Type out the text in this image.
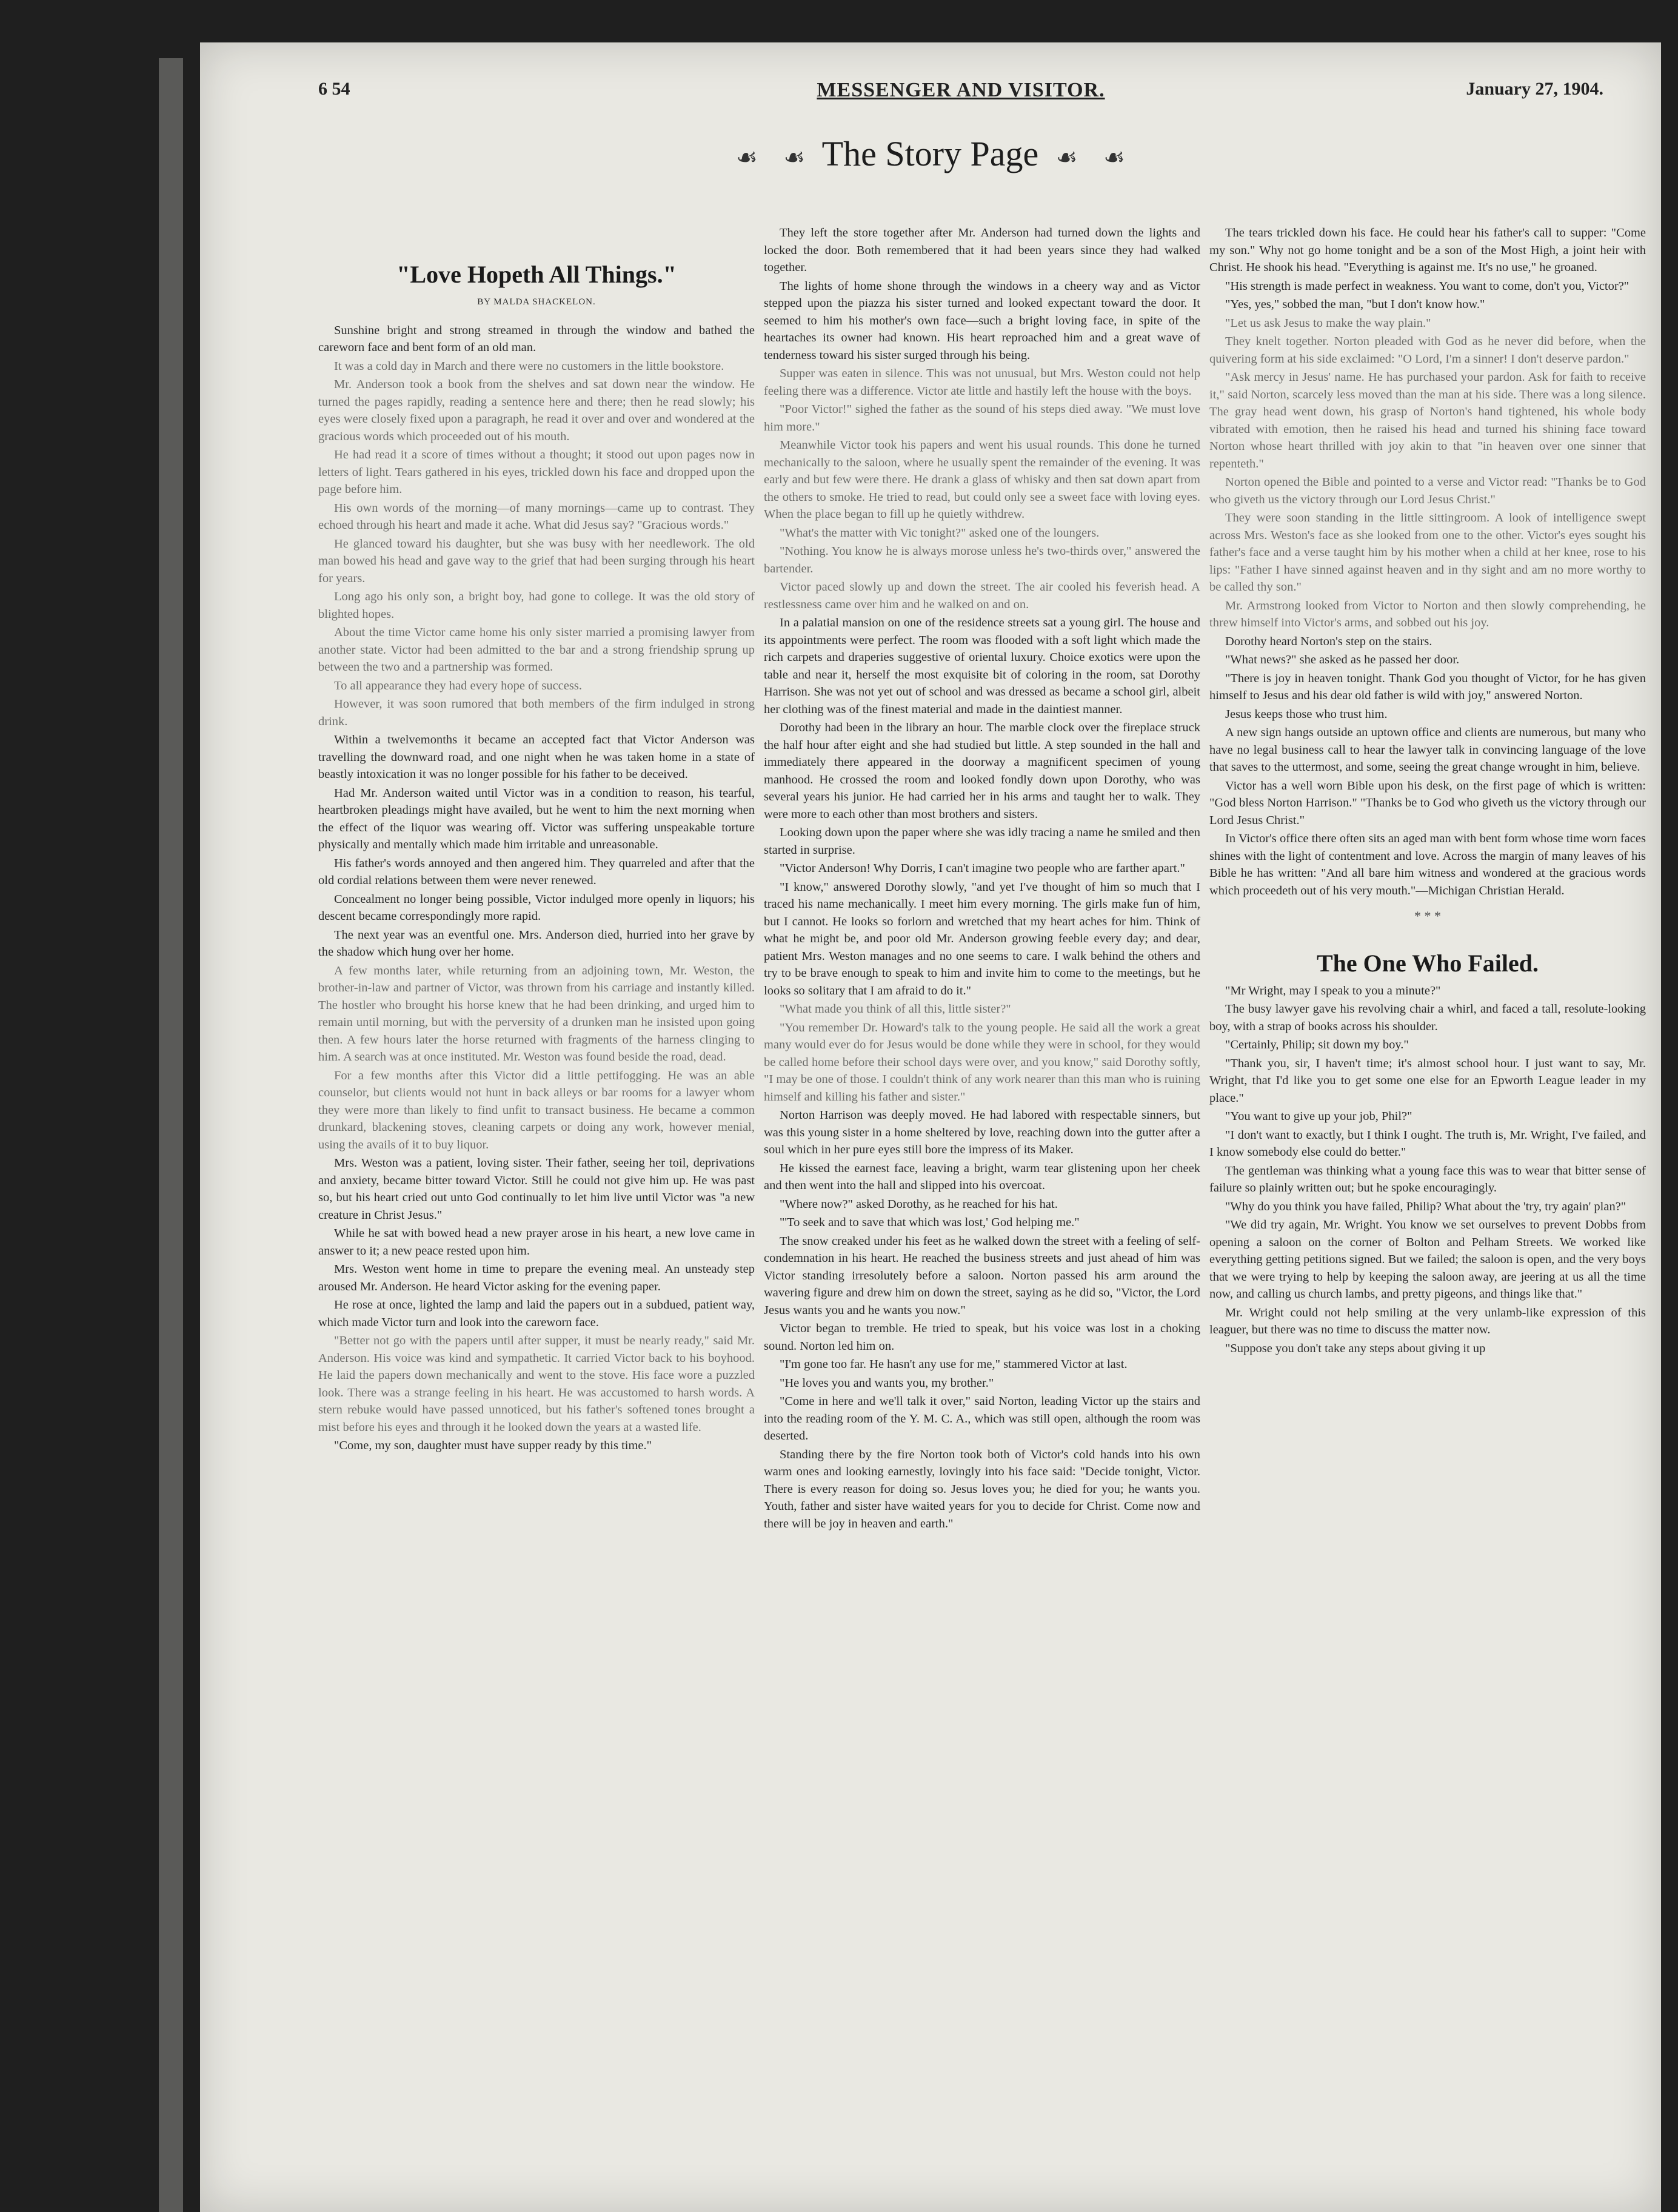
6 54	MESSENGER AND VISITOR.	January 27, 1904.
☙ ☙ The Story Page ☙ ☙
"Love Hopeth All Things."
BY MALDA SHACKELON.

Sunshine bright and strong streamed in through the window and bathed the careworn face and bent form of an old man.

It was a cold day in March and there were no customers in the little bookstore.

Mr. Anderson took a book from the shelves and sat down near the window. He turned the pages rapidly, reading a sentence here and there; then he read slowly; his eyes were closely fixed upon a paragraph, he read it over and over and wondered at the gracious words which proceeded out of his mouth.

He had read it a score of times without a thought; it stood out upon pages now in letters of light. Tears gathered in his eyes, trickled down his face and dropped upon the page before him.

His own words of the morning—of many mornings—came up to contrast. They echoed through his heart and made it ache. What did Jesus say? "Gracious words."

He glanced toward his daughter, but she was busy with her needlework. The old man bowed his head and gave way to the grief that had been surging through his heart for years.

Long ago his only son, a bright boy, had gone to college. It was the old story of blighted hopes.

About the time Victor came home his only sister married a promising lawyer from another state. Victor had been admitted to the bar and a strong friendship sprung up between the two and a partnership was formed.

To all appearance they had every hope of success.

However, it was soon rumored that both members of the firm indulged in strong drink.

Within a twelvemonths it became an accepted fact that Victor Anderson was travelling the downward road, and one night when he was taken home in a state of beastly intoxication it was no longer possible for his father to be deceived.

Had Mr. Anderson waited until Victor was in a condition to reason, his tearful, heartbroken pleadings might have availed, but he went to him the next morning when the effect of the liquor was wearing off. Victor was suffering unspeakable torture physically and mentally which made him irritable and unreasonable.

His father's words annoyed and then angered him. They quarreled and after that the old cordial relations between them were never renewed.

Concealment no longer being possible, Victor indulged more openly in liquors; his descent became correspondingly more rapid.

The next year was an eventful one. Mrs. Anderson died, hurried into her grave by the shadow which hung over her home.

A few months later, while returning from an adjoining town, Mr. Weston, the brother-in-law and partner of Victor, was thrown from his carriage and instantly killed. The hostler who brought his horse knew that he had been drinking, and urged him to remain until morning, but with the perversity of a drunken man he insisted upon going then. A few hours later the horse returned with fragments of the harness clinging to him. A search was at once instituted. Mr. Weston was found beside the road, dead.

For a few months after this Victor did a little pettifogging. He was an able counselor, but clients would not hunt in back alleys or bar rooms for a lawyer whom they were more than likely to find unfit to transact business. He became a common drunkard, blackening stoves, cleaning carpets or doing any work, however menial, using the avails of it to buy liquor.

Mrs. Weston was a patient, loving sister. Their father, seeing her toil, deprivations and anxiety, became bitter toward Victor. Still he could not give him up. He was past so, but his heart cried out unto God continually to let him live until Victor was "a new creature in Christ Jesus."

While he sat with bowed head a new prayer arose in his heart, a new love came in answer to it; a new peace rested upon him.

Mrs. Weston went home in time to prepare the evening meal. An unsteady step aroused Mr. Anderson. He heard Victor asking for the evening paper.

He rose at once, lighted the lamp and laid the papers out in a subdued, patient way, which made Victor turn and look into the careworn face.

"Better not go with the papers until after supper, it must be nearly ready," said Mr. Anderson. His voice was kind and sympathetic. It carried Victor back to his boyhood. He laid the papers down mechanically and went to the stove. His face wore a puzzled look. There was a strange feeling in his heart. He was accustomed to harsh words. A stern rebuke would have passed unnoticed, but his father's softened tones brought a mist before his eyes and through it he looked down the years at a wasted life.

"Come, my son, daughter must have supper ready by this time."

They left the store together after Mr. Anderson had turned down the lights and locked the door. Both remembered that it had been years since they had walked together.

The lights of home shone through the windows in a cheery way and as Victor stepped upon the piazza his sister turned and looked expectant toward the door. It seemed to him his mother's own face—such a bright loving face, in spite of the heartaches its owner had known. His heart reproached him and a great wave of tenderness toward his sister surged through his being.

Supper was eaten in silence. This was not unusual, but Mrs. Weston could not help feeling there was a difference. Victor ate little and hastily left the house with the boys.

"Poor Victor!" sighed the father as the sound of his steps died away. "We must love him more."

Meanwhile Victor took his papers and went his usual rounds. This done he turned mechanically to the saloon, where he usually spent the remainder of the evening. It was early and but few were there. He drank a glass of whisky and then sat down apart from the others to smoke. He tried to read, but could only see a sweet face with loving eyes. When the place began to fill up he quietly withdrew.

"What's the matter with Vic tonight?" asked one of the loungers.

"Nothing. You know he is always morose unless he's two-thirds over," answered the bartender.

Victor paced slowly up and down the street. The air cooled his feverish head. A restlessness came over him and he walked on and on.

In a palatial mansion on one of the residence streets sat a young girl. The house and its appointments were perfect. The room was flooded with a soft light which made the rich carpets and draperies suggestive of oriental luxury. Choice exotics were upon the table and near it, herself the most exquisite bit of coloring in the room, sat Dorothy Harrison. She was not yet out of school and was dressed as became a school girl, albeit her clothing was of the finest material and made in the daintiest manner.

Dorothy had been in the library an hour. The marble clock over the fireplace struck the half hour after eight and she had studied but little. A step sounded in the hall and immediately there appeared in the doorway a magnificent specimen of young manhood. He crossed the room and looked fondly down upon Dorothy, who was several years his junior. He had carried her in his arms and taught her to walk. They were more to each other than most brothers and sisters.

Looking down upon the paper where she was idly tracing a name he smiled and then started in surprise.

"Victor Anderson! Why Dorris, I can't imagine two people who are farther apart."

"I know," answered Dorothy slowly, "and yet I've thought of him so much that I traced his name mechanically. I meet him every morning. The girls make fun of him, but I cannot. He looks so forlorn and wretched that my heart aches for him. Think of what he might be, and poor old Mr. Anderson growing feeble every day; and dear, patient Mrs. Weston manages and no one seems to care. I walk behind the others and try to be brave enough to speak to him and invite him to come to the meetings, but he looks so solitary that I am afraid to do it."

"What made you think of all this, little sister?"

"You remember Dr. Howard's talk to the young people. He said all the work a great many would ever do for Jesus would be done while they were in school, for they would be called home before their school days were over, and you know," said Dorothy softly, "I may be one of those. I couldn't think of any work nearer than this man who is ruining himself and killing his father and sister."

Norton Harrison was deeply moved. He had labored with respectable sinners, but was this young sister in a home sheltered by love, reaching down into the gutter after a soul which in her pure eyes still bore the impress of its Maker.

He kissed the earnest face, leaving a bright, warm tear glistening upon her cheek and then went into the hall and slipped into his overcoat.

"Where now?" asked Dorothy, as he reached for his hat.

"'To seek and to save that which was lost,' God helping me."

The snow creaked under his feet as he walked down the street with a feeling of self-condemnation in his heart. He reached the business streets and just ahead of him was Victor standing irresolutely before a saloon. Norton passed his arm around the wavering figure and drew him on down the street, saying as he did so, "Victor, the Lord Jesus wants you and he wants you now."

Victor began to tremble. He tried to speak, but his voice was lost in a choking sound. Norton led him on.

"I'm gone too far. He hasn't any use for me," stammered Victor at last.

"He loves you and wants you, my brother."

"Come in here and we'll talk it over," said Norton, leading Victor up the stairs and into the reading room of the Y. M. C. A., which was still open, although the room was deserted.

Standing there by the fire Norton took both of Victor's cold hands into his own warm ones and looking earnestly, lovingly into his face said: "Decide tonight, Victor. There is every reason for doing so. Jesus loves you; he died for you; he wants you. Youth, father and sister have waited years for you to decide for Christ. Come now and there will be joy in heaven and earth."

The tears trickled down his face. He could hear his father's call to supper: "Come my son." Why not go home tonight and be a son of the Most High, a joint heir with Christ. He shook his head. "Everything is against me. It's no use," he groaned.

"His strength is made perfect in weakness. You want to come, don't you, Victor?"

"Yes, yes," sobbed the man, "but I don't know how."

"Let us ask Jesus to make the way plain."

They knelt together. Norton pleaded with God as he never did before, when the quivering form at his side exclaimed: "O Lord, I'm a sinner! I don't deserve pardon."

"Ask mercy in Jesus' name. He has purchased your pardon. Ask for faith to receive it," said Norton, scarcely less moved than the man at his side. There was a long silence. The gray head went down, his grasp of Norton's hand tightened, his whole body vibrated with emotion, then he raised his head and turned his shining face toward Norton whose heart thrilled with joy akin to that "in heaven over one sinner that repenteth."

Norton opened the Bible and pointed to a verse and Victor read: "Thanks be to God who giveth us the victory through our Lord Jesus Christ."

They were soon standing in the little sittingroom. A look of intelligence swept across Mrs. Weston's face as she looked from one to the other. Victor's eyes sought his father's face and a verse taught him by his mother when a child at her knee, rose to his lips: "Father I have sinned against heaven and in thy sight and am no more worthy to be called thy son."

Mr. Armstrong looked from Victor to Norton and then slowly comprehending, he threw himself into Victor's arms, and sobbed out his joy.

Dorothy heard Norton's step on the stairs.

"What news?" she asked as he passed her door.

"There is joy in heaven tonight. Thank God you thought of Victor, for he has given himself to Jesus and his dear old father is wild with joy," answered Norton.

Jesus keeps those who trust him.

A new sign hangs outside an uptown office and clients are numerous, but many who have no legal business call to hear the lawyer talk in convincing language of the love that saves to the uttermost, and some, seeing the great change wrought in him, believe.

Victor has a well worn Bible upon his desk, on the first page of which is written: "God bless Norton Harrison." "Thanks be to God who giveth us the victory through our Lord Jesus Christ."

In Victor's office there often sits an aged man with bent form whose time worn faces shines with the light of contentment and love. Across the margin of many leaves of his Bible he has written: "And all bare him witness and wondered at the gracious words which proceedeth out of his very mouth."—Michigan Christian Herald.

* * *
The One Who Failed.

"Mr Wright, may I speak to you a minute?"

The busy lawyer gave his revolving chair a whirl, and faced a tall, resolute-looking boy, with a strap of books across his shoulder.

"Certainly, Philip; sit down my boy."

"Thank you, sir, I haven't time; it's almost school hour. I just want to say, Mr. Wright, that I'd like you to get some one else for an Epworth League leader in my place."

"You want to give up your job, Phil?"

"I don't want to exactly, but I think I ought. The truth is, Mr. Wright, I've failed, and I know somebody else could do better."

The gentleman was thinking what a young face this was to wear that bitter sense of failure so plainly written out; but he spoke encouragingly.

"Why do you think you have failed, Philip? What about the 'try, try again' plan?"

"We did try again, Mr. Wright. You know we set ourselves to prevent Dobbs from opening a saloon on the corner of Bolton and Pelham Streets. We worked like everything getting petitions signed. But we failed; the saloon is open, and the very boys that we were trying to help by keeping the saloon away, are jeering at us all the time now, and calling us church lambs, and pretty pigeons, and things like that."

Mr. Wright could not help smiling at the very unlamb-like expression of this leaguer, but there was no time to discuss the matter now.

"Suppose you don't take any steps about giving it up
